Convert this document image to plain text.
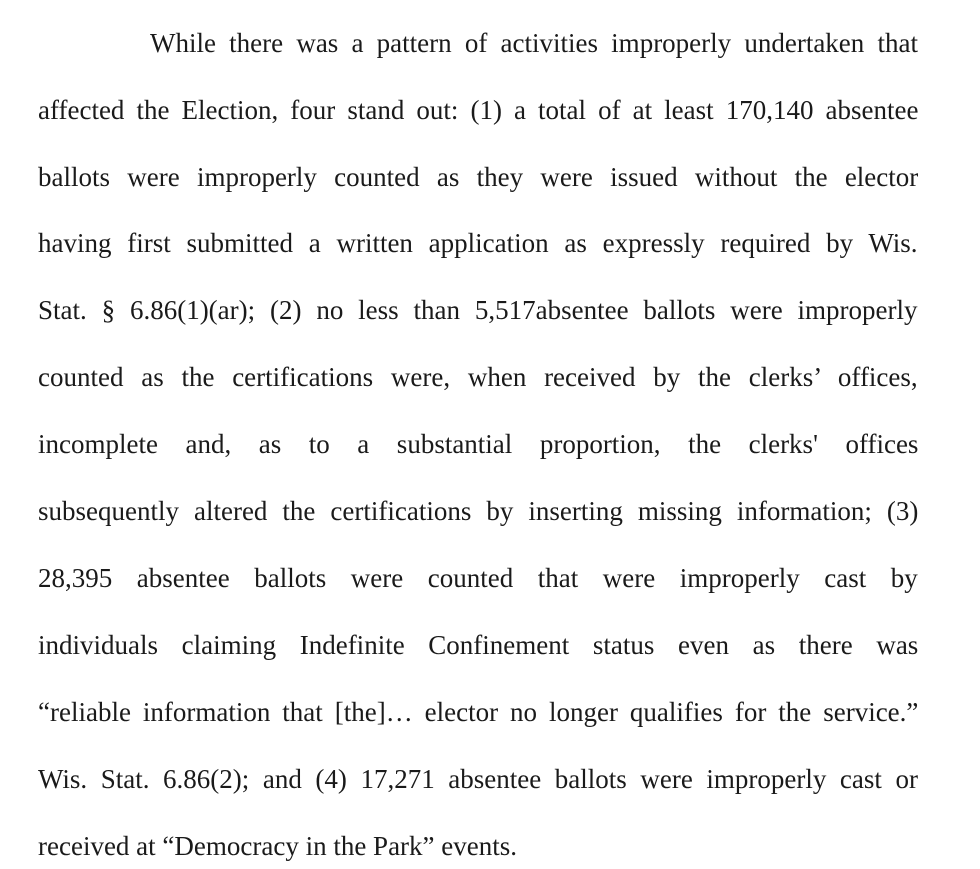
While there was a pattern of activities improperly undertaken that
affected the Election, four stand out: (1) a total of at least 170,140 absentee
ballots were improperly counted as they were issued without the elector
having first submitted a written application as expressly required by Wis.
Stat. § 6.86(1)(ar); (2) no less than 5,517absentee ballots were improperly
counted as the certifications were, when received by the clerks’ offices,
incomplete and, as to a substantial proportion, the clerks' offices
subsequently altered the certifications by inserting missing information; (3)
28,395 absentee ballots were counted that were improperly cast by
individuals claiming Indefinite Confinement status even as there was
“reliable information that [the]… elector no longer qualifies for the service.”
Wis. Stat. 6.86(2); and (4) 17,271 absentee ballots were improperly cast or
received at “Democracy in the Park” events.
